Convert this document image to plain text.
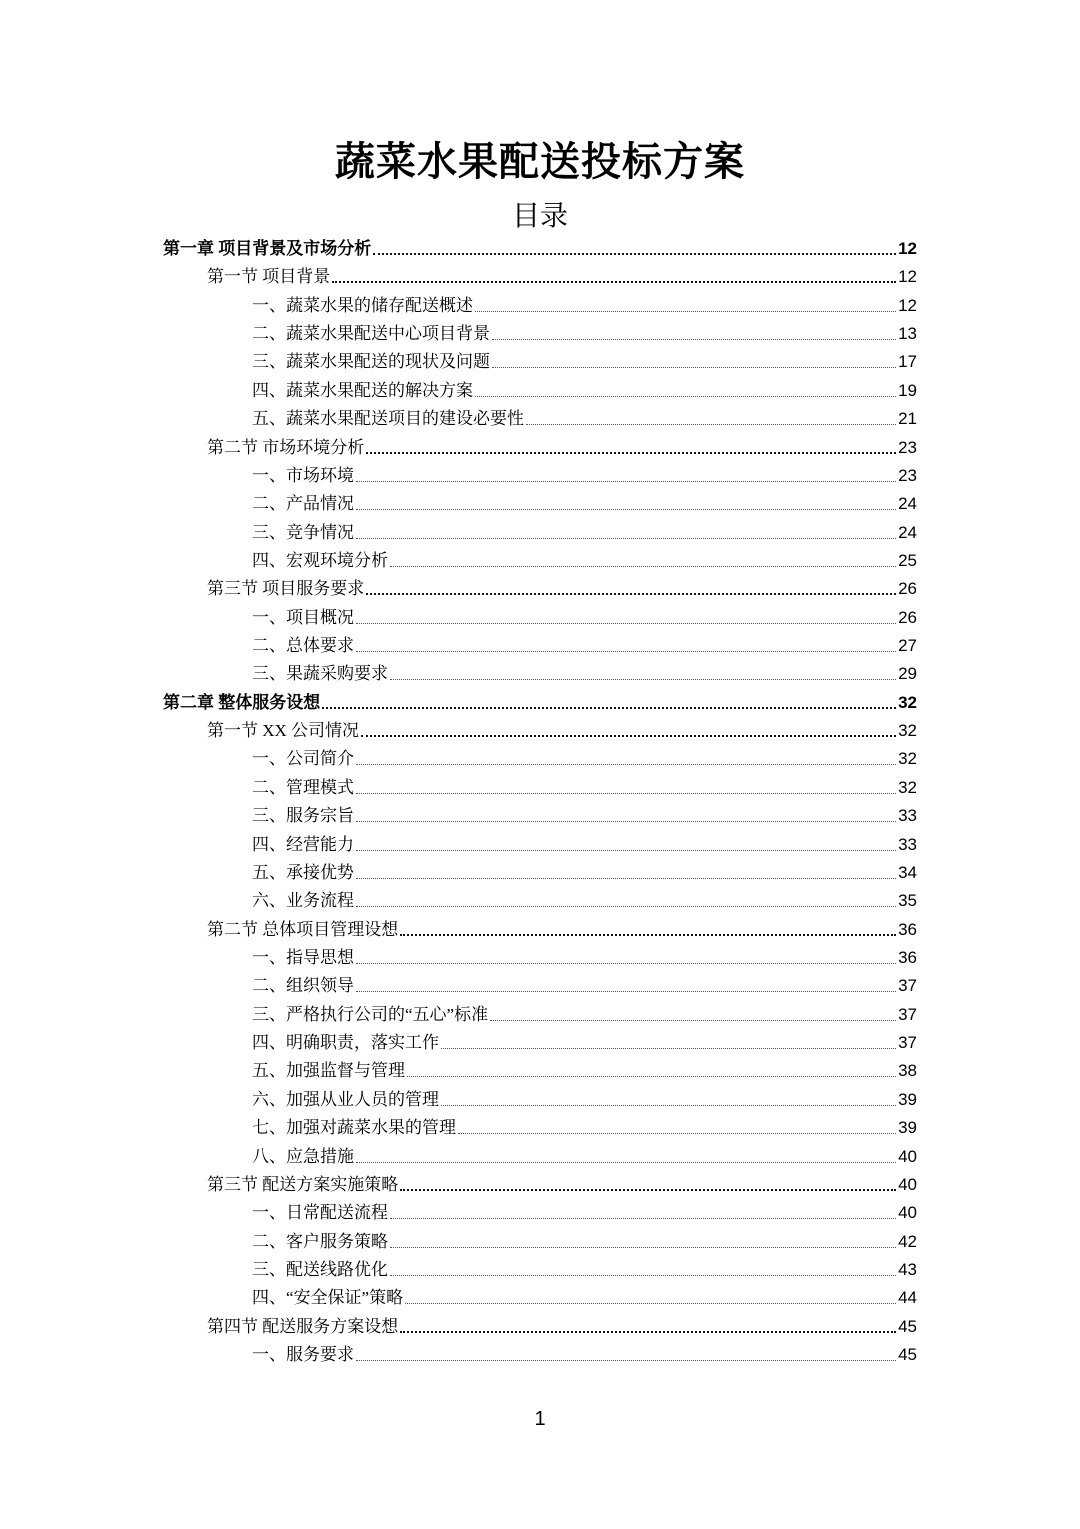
蔬菜水果配送投标方案
目录
第一章 项目背景及市场分析	12
第一节 项目背景	12
一、蔬菜水果的储存配送概述	12
二、蔬菜水果配送中心项目背景	13
三、蔬菜水果配送的现状及问题	17
四、蔬菜水果配送的解决方案	19
五、蔬菜水果配送项目的建设必要性	21
第二节 市场环境分析	23
一、市场环境	23
二、产品情况	24
三、竞争情况	24
四、宏观环境分析	25
第三节 项目服务要求	26
一、项目概况	26
二、总体要求	27
三、果蔬采购要求	29
第二章 整体服务设想	32
第一节 XX 公司情况	32
一、公司简介	32
二、管理模式	32
三、服务宗旨	33
四、经营能力	33
五、承接优势	34
六、业务流程	35
第二节 总体项目管理设想	36
一、指导思想	36
二、组织领导	37
三、严格执行公司的“五心”标准	37
四、明确职责，落实工作	37
五、加强监督与管理	38
六、加强从业人员的管理	39
七、加强对蔬菜水果的管理	39
八、应急措施	40
第三节 配送方案实施策略	40
一、日常配送流程	40
二、客户服务策略	42
三、配送线路优化	43
四、“安全保证”策略	44
第四节 配送服务方案设想	45
一、服务要求	45
1
